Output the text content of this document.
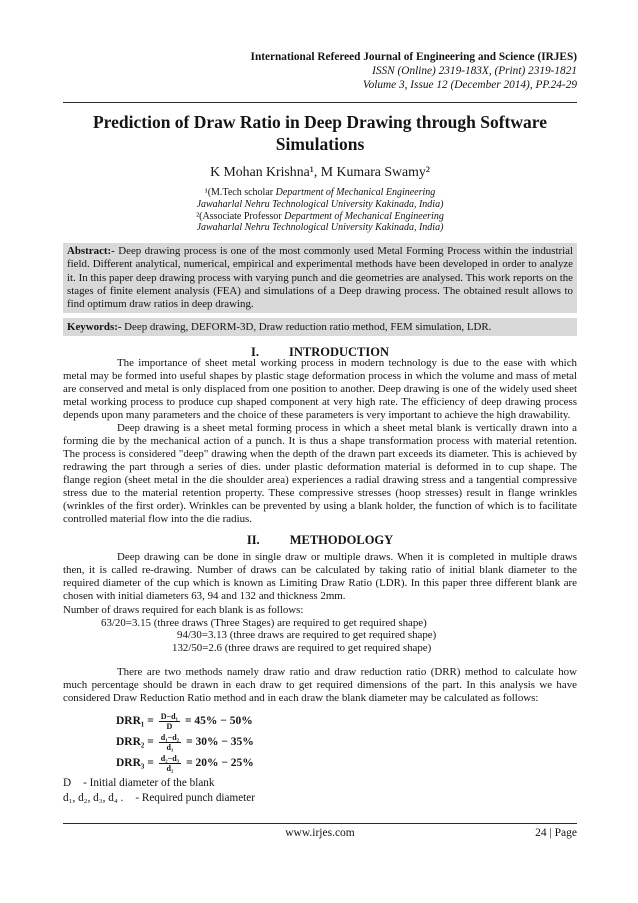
International Refereed Journal of Engineering and Science (IRJES)
ISSN (Online) 2319-183X, (Print) 2319-1821
Volume 3, Issue 12 (December 2014), PP.24-29
Prediction of Draw Ratio in Deep Drawing through Software Simulations
K Mohan Krishna¹, M Kumara Swamy²
¹(M.Tech scholar Department of Mechanical Engineering
Jawaharlal Nehru Technological University Kakinada, India)
²(Associate Professor Department of Mechanical Engineering
Jawaharlal Nehru Technological University Kakinada, India)
Abstract:- Deep drawing process is one of the most commonly used Metal Forming Process within the industrial field. Different analytical, numerical, empirical and experimental methods have been developed in order to analyze it. In this paper deep drawing process with varying punch and die geometries are analysed. This work reports on the stages of finite element analysis (FEA) and simulations of a Deep drawing process. The obtained result allows to find optimum draw ratios in deep drawing.
Keywords:- Deep drawing, DEFORM-3D, Draw reduction ratio method, FEM simulation, LDR.
I. INTRODUCTION

The importance of sheet metal working process in modern technology is due to the ease with which metal may be formed into useful shapes by plastic stage deformation process in which the volume and mass of metal are conserved and metal is only displaced from one position to another. Deep drawing is one of the widely used sheet metal working process to produce cup shaped component at very high rate. The efficiency of deep drawing process depends upon many parameters and the choice of these parameters is very important to achieve the high drawability.

Deep drawing is a sheet metal forming process in which a sheet metal blank is vertically drawn into a forming die by the mechanical action of a punch. It is thus a shape transformation process with material retention. The process is considered "deep" drawing when the depth of the drawn part exceeds its diameter. This is achieved by redrawing the part through a series of dies. under plastic deformation material is deformed in to cup shape. The flange region (sheet metal in the die shoulder area) experiences a radial drawing stress and a tangential compressive stress due to the material retention property. These compressive stresses (hoop stresses) result in flange wrinkles (wrinkles of the first order). Wrinkles can be prevented by using a blank holder, the function of which is to facilitate controlled material flow into the die radius.

II. METHODOLOGY

Deep drawing can be done in single draw or multiple draws. When it is completed in multiple draws then, it is called re-drawing. Number of draws can be calculated by taking ratio of initial blank diameter to the required diameter of the cup which is known as Limiting Draw Ratio (LDR). In this paper three different blank are chosen with initial diameters 63, 94 and 132 and thickness 2mm.

Number of draws required for each blank is as follows:
63/20=3.15 (three draws (Three Stages) are required to get required shape)
94/30=3.13 (three draws are required to get required shape)
132/50=2.6 (three draws are required to get required shape)

There are two methods namely draw ratio and draw reduction ratio (DRR) method to calculate how much percentage should be drawn in each draw to get required dimensions of the part. In this analysis we have considered Draw Reduction Ratio method and in each draw the blank diameter may be calculated as follows:

$DRR_1 = \frac{\text{D−d₁}}{D} = 45\% - 50\%$
$DRR_2 = \frac{\text{d₁−d₂}}{\text{d₁}} = 30\% - 35\%$
$DRR_3 = \frac{\text{d₂−d₃}}{\text{d₂}} = 20\% - 25\%$
D - Initial diameter of the blank
d₁, d₂, d₃, d₄ . - Required punch diameter
www.irjes.com	24 | Page
